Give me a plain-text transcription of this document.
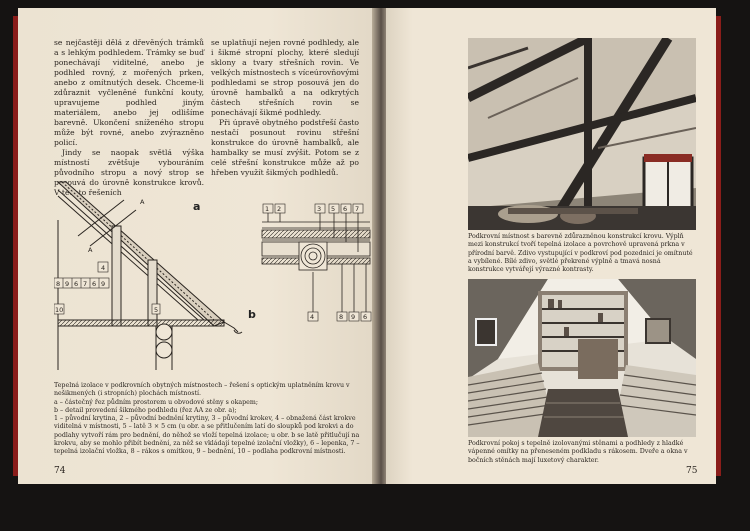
se nejčastěji dělá z dřevěných trámků a s lehkým podhledem. Trámky se buď ponechávají viditelné, anebo je podhled rovný, z mořených prken, anebo z omítnutých desek. Chceme-li zdůraznit vyčleněné funkční kouty, upravujeme podhled jiným materiálem, anebo jej odlišíme barevně. Ukončení sníženého stropu může být rovné, anebo zvýrazněno policí.

Jindy se naopak světlá výška místností zvětšuje vybouráním původního stropu a nový strop se posouvá do úrovně konstrukce krovů. V těchto řešeních

se uplatňují nejen rovné podhledy, ale i šikmé stropní plochy, které sledují sklony a tvary střešních rovin. Ve velkých místnostech s víceúrovňovými podhledami se strop posouvá jen do úrovně hambalků a na odkrytých částech střešních rovin se ponechávají šikmé podhledy.

Při úpravě obytného podstřeší často nestačí posunout rovinu střešní konstrukce do úrovně hambalků, ale hambalky se musí zvýšit. Potom se z celé střešní konstrukce může až po hřeben využít šikmých podhledů.

8 9 6 7 6 9
4
10	5
A
A
1 2	3 5 6 7
4	8 9 6
a
b
Tepelná izolace v podkrovních obytných místnostech – řešení s optickým uplatněním krovu v nešikmených (i stropních) plochách místností.
a – částečný řez půdním prostorem u obvodové stěny s okapem;
b – detail provedení šikmého podhledu (řez AA ze obr. a);
1 – původní krytina, 2 – původní bednění krytiny, 3 – původní krokev, 4 – obnažená část krokve viditelná v místnosti, 5 – latě 3 × 5 cm (u obr. a se přitlučením latí do sloupků pod krokvi a do podlahy vytvoří rám pro bednění, do něhož se vloží tepelná izolace; u obr. b se latě přitlučují na krokvu, aby se mohlo přibít bednění, za něž se vkládají tepelné izolační vložky), 6 – lepenka, 7 – tepelná izolační vložka, 8 – rákos s omítkou, 9 – bednění, 10 – podlaha podkrovní místnosti.
74
Podkrovní místnost s barevně zdůrazněnou konstrukcí krovu. Výplň mezi konstrukcí tvoří tepelná izolace a povrchově upravená prkna v přírodní barvě. Zdivo vystupující v podkroví pod pozednicí je omítnuté a vybílené. Bílé zdivo, světlé překrené výplně a tmavá nosná konstrukce vytvářejí výrazné kontrasty.
Podkrovní pokoj s tepelně izolovanými stěnami a podhledy z hladké vápenné omítky na přeneseném podkladu s rákosem. Dveře a okna v bočních stěnách mají luxetový charakter.
75
